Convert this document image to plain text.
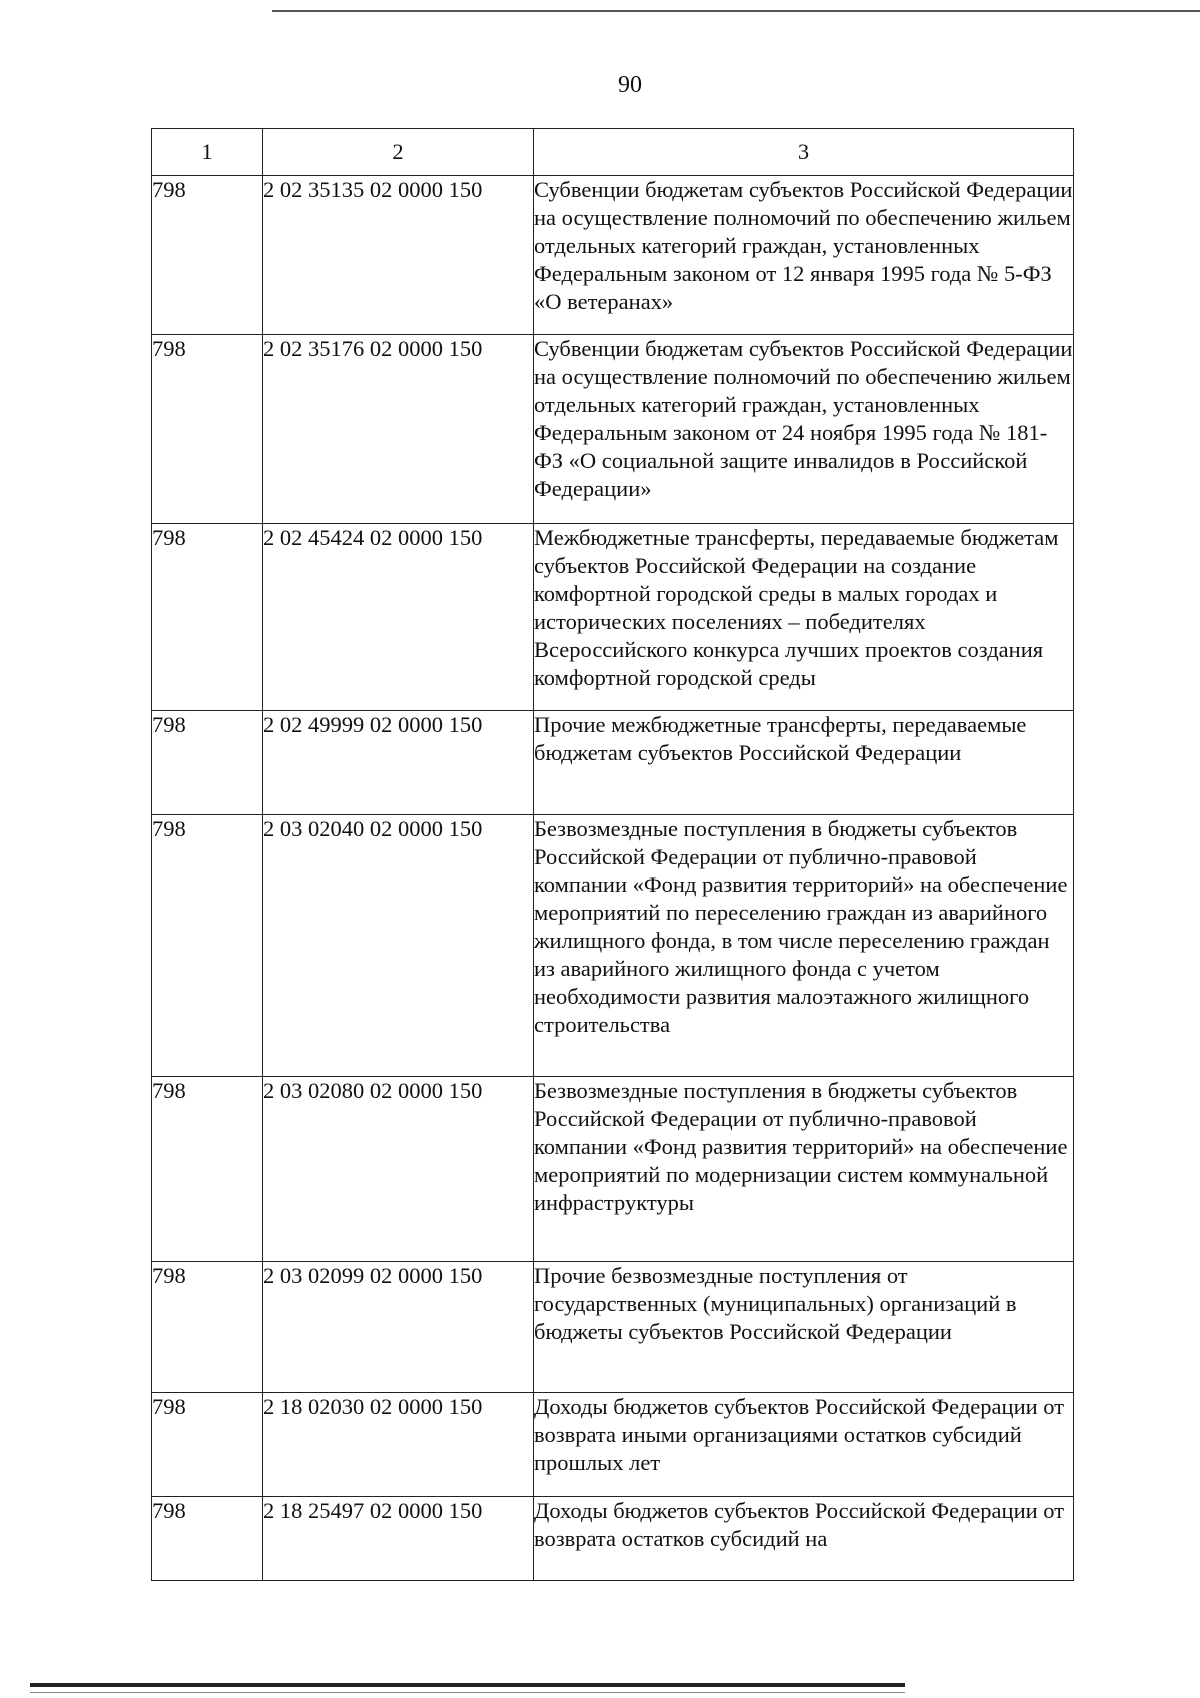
90
1	2	3
798	2 02 35135 02 0000 150	Субвенции бюджетам субъектов Российской Федерации на осуществление полномочий по обеспечению жильем отдельных категорий граждан, установленных Федеральным законом от 12 января 1995 года № 5-ФЗ «О ветеранах»
798	2 02 35176 02 0000 150	Субвенции бюджетам субъектов Российской Федерации на осуществление полномочий по обеспечению жильем отдельных категорий граждан, установленных Федеральным законом от 24 ноября 1995 года № 181-ФЗ «О социальной защите инвалидов в Российской Федерации»
798	2 02 45424 02 0000 150	Межбюджетные трансферты, передаваемые бюджетам субъектов Российской Федерации на создание комфортной городской среды в малых городах и исторических поселениях – победителях Всероссийского конкурса лучших проектов создания комфортной городской среды
798	2 02 49999 02 0000 150	Прочие межбюджетные трансферты, передаваемые бюджетам субъектов Российской Федерации
798	2 03 02040 02 0000 150	Безвозмездные поступления в бюджеты субъектов Российской Федерации от публично-правовой компании «Фонд развития территорий» на обеспечение мероприятий по переселению граждан из аварийного жилищного фонда, в том числе переселению граждан из аварийного жилищного фонда с учетом необходимости развития малоэтажного жилищного строительства
798	2 03 02080 02 0000 150	Безвозмездные поступления в бюджеты субъектов Российской Федерации от публично-правовой компании «Фонд развития территорий» на обеспечение мероприятий по модернизации систем коммунальной инфраструктуры
798	2 03 02099 02 0000 150	Прочие безвозмездные поступления от государственных (муниципальных) организаций в бюджеты субъектов Российской Федерации
798	2 18 02030 02 0000 150	Доходы бюджетов субъектов Российской Федерации от возврата иными организациями остатков субсидий прошлых лет
798	2 18 25497 02 0000 150	Доходы бюджетов субъектов Российской Федерации от возврата остатков субсидий на
